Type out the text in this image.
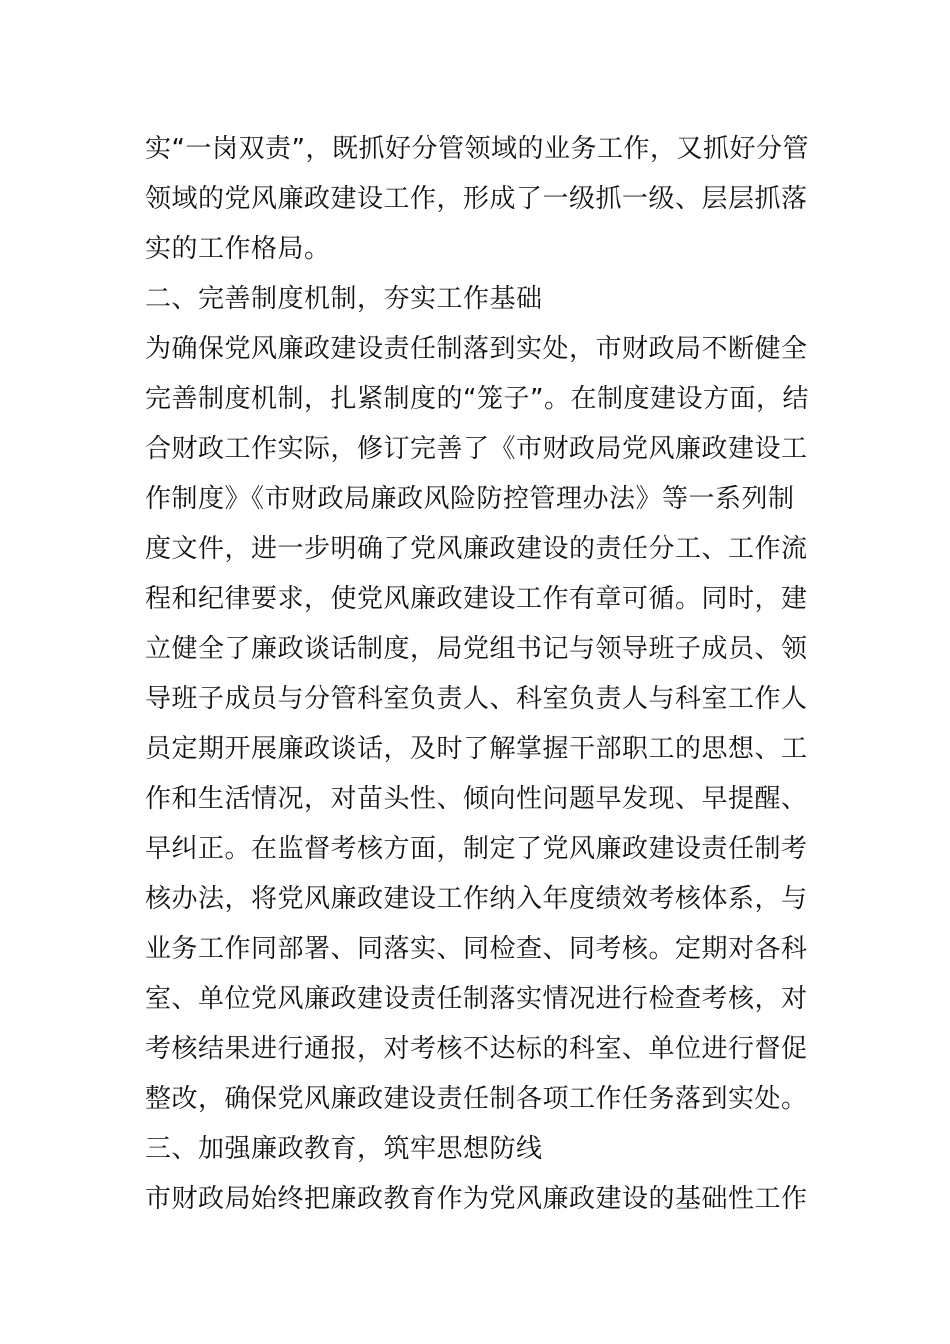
实“一岗双责”，既抓好分管领域的业务工作，又抓好分管
领域的党风廉政建设工作，形成了一级抓一级、层层抓落
实的工作格局。
二、完善制度机制，夯实工作基础
为确保党风廉政建设责任制落到实处，市财政局不断健全
完善制度机制，扎紧制度的“笼子”。在制度建设方面，结
合财政工作实际，修订完善了《市财政局党风廉政建设工
作制度》《市财政局廉政风险防控管理办法》等一系列制
度文件，进一步明确了党风廉政建设的责任分工、工作流
程和纪律要求，使党风廉政建设工作有章可循。同时，建
立健全了廉政谈话制度，局党组书记与领导班子成员、领
导班子成员与分管科室负责人、科室负责人与科室工作人
员定期开展廉政谈话，及时了解掌握干部职工的思想、工
作和生活情况，对苗头性、倾向性问题早发现、早提醒、
早纠正。在监督考核方面，制定了党风廉政建设责任制考
核办法，将党风廉政建设工作纳入年度绩效考核体系，与
业务工作同部署、同落实、同检查、同考核。定期对各科
室、单位党风廉政建设责任制落实情况进行检查考核，对
考核结果进行通报，对考核不达标的科室、单位进行督促
整改，确保党风廉政建设责任制各项工作任务落到实处。
三、加强廉政教育，筑牢思想防线
市财政局始终把廉政教育作为党风廉政建设的基础性工作
